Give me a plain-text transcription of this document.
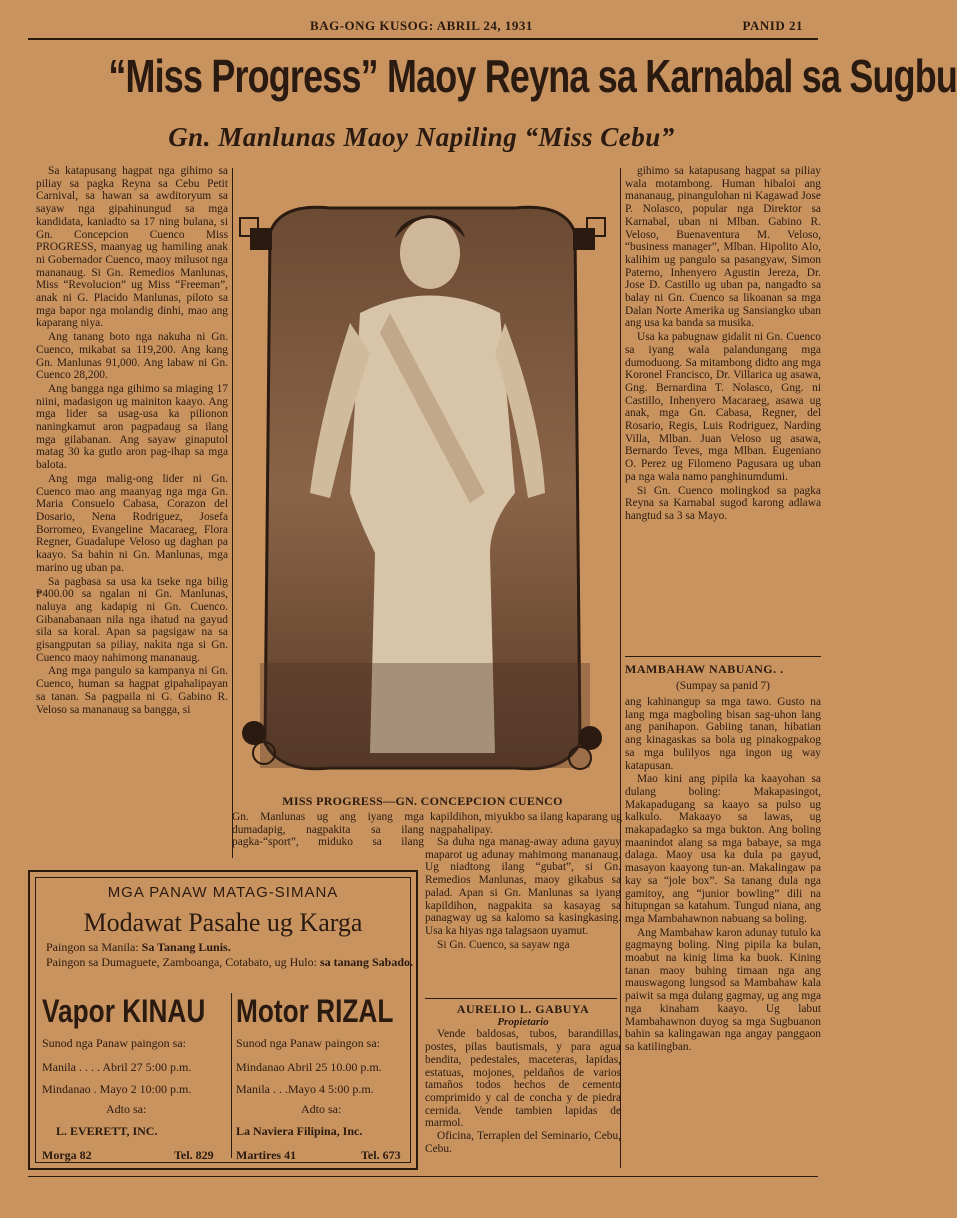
BAG-ONG KUSOG: ABRIL 24, 1931	PANID 21
“Miss Progress” Maoy Reyna sa Karnabal sa Sugbu
Gn. Manlunas Maoy Napiling “Miss Cebu”

Sa katapusang hagpat nga gihimo sa piliay sa pagka Reyna sa Cebu Petit Carnival, sa hawan sa awditoryum sa sayaw nga gipahinungud sa mga kandidata, kaniadto sa 17 ning bulana, si Gn. Concepcion Cuenco Miss PROGRESS, maanyag ug hamiling anak ni Gobernador Cuenco, maoy milusot nga mananaug. Si Gn. Remedios Manlunas, Miss “Revolucion” ug Miss “Freeman”, anak ni G. Placido Manlunas, piloto sa mga bapor nga molandig dinhi, mao ang kaparang niya.

Ang tanang boto nga nakuha ni Gn. Cuenco, mikabat sa 119,200. Ang kang Gn. Manlunas 91,000. Ang labaw ni Gn. Cuenco 28,200.

Ang bangga nga gihimo sa miaging 17 niini, madasigon ug mainiton kaayo. Ang mga lider sa usag-usa ka pilionon naningkamut aron pagpadaug sa ilang mga gilabanan. Ang sayaw ginaputol matag 30 ka gutlo aron pag-ihap sa mga balota.

Ang mga malig-ong lider ni Gn. Cuenco mao ang maanyag nga mga Gn. Maria Consuelo Cabasa, Corazon del Dosario, Nena Rodriguez, Josefa Borromeo, Evangeline Macaraeg, Flora Regner, Guadalupe Veloso ug daghan pa kaayo. Sa bahin ni Gn. Manlunas, mga marino ug uban pa.

Sa pagbasa sa usa ka tseke nga bilig ₱400.00 sa ngalan ni Gn. Manlunas, naluya ang kadapig ni Gn. Cuenco. Gibanabanaan nila nga ihatud na gayud sila sa koral. Apan sa pagsigaw na sa gisangputan sa piliay, nakita nga si Gn. Cuenco maoy nahimong mananaug.

Ang mga pangulo sa kampanya ni Gn. Cuenco, human sa hagpat gipahalipayan sa tanan. Sa pagpaila ni G. Gabino R. Veloso sa mananaug sa bangga, si

MISS PROGRESS—GN. CONCEPCION CUENCO
Gn. Manlunas ug ang iyang mga dumadapig, nagpakita sa ilang pagka-“sport”, miduko sa ilang kapildihon, miyukbo sa ilang kaparang ug nagpahalipay.

Sa duha nga manag-away aduna gayuy maparot ug adunay mahimong mananaug. Ug niadtong ilang “gubat”, si Gn. Remedios Manlunas, maoy gikabus sa palad. Apan si Gn. Manlunas sa iyang kapildihon, nagpakita sa kasayag sa panagway ug sa kalomo sa kasingkasing. Usa ka hiyas nga talagsaon uyamut.

Si Gn. Cuenco, sa sayaw nga

gihimo sa katapusang hagpat sa piliay wala motambong. Human hibaloi ang mananaug, pinangulohan ni Kagawad Jose P. Nolasco, popular nga Direktor sa Karnabal, uban ni Mlban. Gabino R. Veloso, Buenaventura M. Veloso, “business manager”, Mlban. Hipolito Alo, kalihim ug pangulo sa pasangyaw, Simon Paterno, Inhenyero Agustin Jereza, Dr. Jose D. Castillo ug uban pa, nangadto sa balay ni Gn. Cuenco sa likoanan sa mga Dalan Norte Amerika ug Sansiangko uban ang usa ka banda sa musika.

Usa ka pabugnaw gidalit ni Gn. Cuenco sa iyang wala palandungang mga dumoduong. Sa mitambong didto ang mga Koronel Francisco, Dr. Villarica ug asawa, Gng. Bernardina T. Nolasco, Gng. ni Castillo, Inhenyero Macaraeg, asawa ug anak, mga Gn. Cabasa, Regner, del Rosario, Regis, Luis Rodriguez, Narding Villa, Mlban. Juan Veloso ug asawa, Bernardo Teves, mga Mlban. Eugeniano O. Perez ug Filomeno Pagusara ug uban pa nga wala namo panghinumdumi.

Si Gn. Cuenco molingkod sa pagka Reyna sa Karnabal sugod karong adlawa hangtud sa 3 sa Mayo.

MAMBAHAW NABUANG. .
(Sumpay sa panid 7)

ang kahinangup sa mga tawo. Gusto na lang mga magboling bisan sag-uhon lang ang panihapon. Gabiing tanan, hibatian ang kinagaskas sa bola ug pinakogpakog sa mga bulilyos nga ingon ug way katapusan.

Mao kini ang pipila ka kaayohan sa dulang boling: Makapasingot, Makapadugang sa kaayo sa pulso ug kalkulo. Makaayo sa lawas, ug makapadagko sa mga bukton. Ang boling maanindot alang sa mga babaye, sa mga dalaga. Maoy usa ka dula pa gayud, masayon kaayong tun-an. Makalingaw pa kay sa “jole box”. Sa tanang dula nga gamitoy, ang “junior bowling” dili na hitupngan sa katahum. Tungud niana, ang mga Mambahawnon nabuang sa boling.

Ang Mambahaw karon adunay tutulo ka gagmayng boling. Ning pipila ka bulan, moabut na kinig lima ka buok. Kining tanan maoy buhing timaan nga ang mauswagong lungsod sa Mambahaw kala paiwit sa mga dulang gagmay, ug ang mga nga kinaham kaayo. Ug labut Mambahawnon duyog sa mga Sugbuanon bahin sa kalingawan nga angay panggaon sa katilingban.

MGA PANAW MATAG-SIMANA
Modawat Pasahe ug Karga
Paingon sa Manila: Sa Tanang Lunis.
Paingon sa Dumaguete, Zamboanga, Cotabato, ug Hulo: sa tanang Sabado.
Vapor KINAU Motor RIZAL
Sunod nga Panaw paingon sa:
Manila . . . . Abril 27 5:00 p.m.
Mindanao . Mayo 2 10:00 p.m.
Adto sa:
L. EVERETT, INC.
Morga 82	Tel. 829
Sunod nga Panaw paingon sa:
Mindanao Abril 25 10.00 p.m.
Manila . . .Mayo 4 5:00 p.m.
Adto sa:
La Naviera Filipina, Inc.
Martires 41	Tel. 673
AURELIO L. GABUYA
Propietario

Vende baldosas, tubos, barandillas, postes, pilas bautismals, y para agua bendita, pedestales, maceteras, lapidas, estatuas, mojones, peldaños de varios tamaños todos hechos de cemento comprimido y cal de concha y de piedra cernida. Vende tambien lapidas de marmol.

Oficina, Terraplen del Seminario, Cebu, Cebu.
